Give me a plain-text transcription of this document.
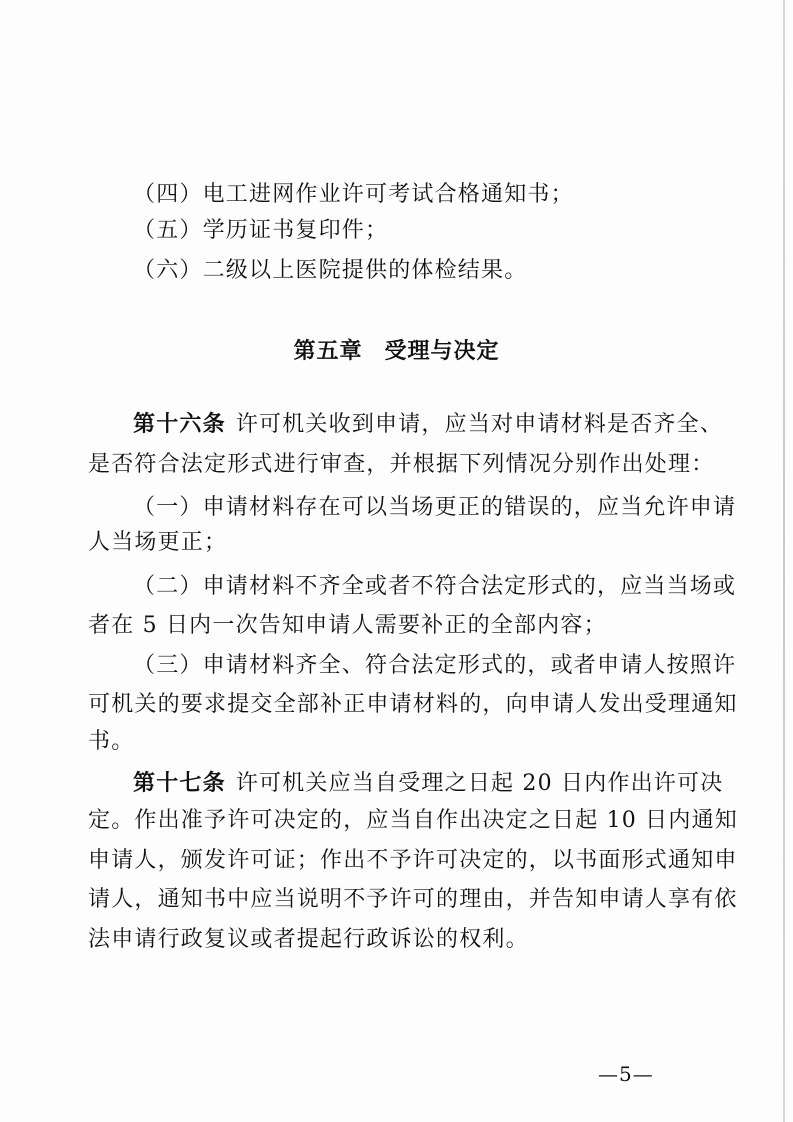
（四）电工进网作业许可考试合格通知书；
（五）学历证书复印件；
（六）二级以上医院提供的体检结果。
第五章 受理与决定
第十六条 许可机关收到申请，应当对申请材料是否齐全、
是否符合法定形式进行审查，并根据下列情况分别作出处理：
（一）申请材料存在可以当场更正的错误的，应当允许申请
人当场更正；
（二）申请材料不齐全或者不符合法定形式的，应当当场或
者在 5 日内一次告知申请人需要补正的全部内容；
（三）申请材料齐全、符合法定形式的，或者申请人按照许
可机关的要求提交全部补正申请材料的，向申请人发出受理通知
书。
第十七条 许可机关应当自受理之日起 20 日内作出许可决
定。作出准予许可决定的，应当自作出决定之日起 10 日内通知
申请人，颁发许可证；作出不予许可决定的，以书面形式通知申
请人，通知书中应当说明不予许可的理由，并告知申请人享有依
法申请行政复议或者提起行政诉讼的权利。
—5—
